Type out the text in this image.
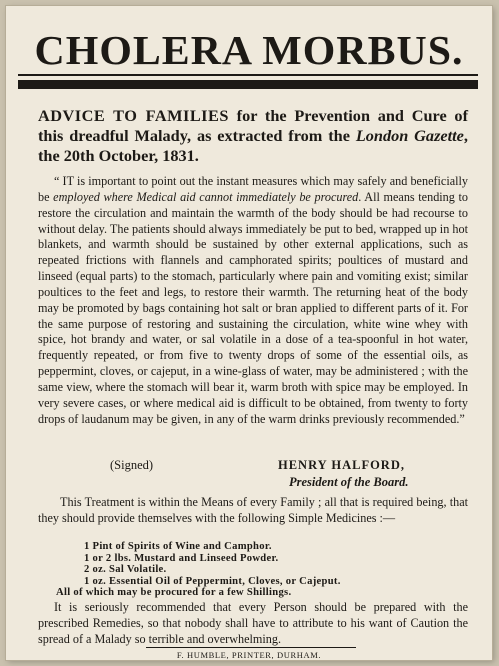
CHOLERA MORBUS.
ADVICE TO FAMILIES for the Prevention and Cure of this dreadful Malady, as extracted from the London Gazette, the 20th October, 1831.

“ IT is important to point out the instant measures which may safely and beneficially be employed where Medical aid cannot immediately be procured. All means tending to restore the circulation and maintain the warmth of the body should be had recourse to without delay. The patients should always immediately be put to bed, wrapped up in hot blankets, and warmth should be sustained by other external applications, such as repeated frictions with flannels and camphorated spirits; poultices of mustard and linseed (equal parts) to the stomach, particularly where pain and vomiting exist; similar poultices to the feet and legs, to restore their warmth. The returning heat of the body may be promoted by bags containing hot salt or bran applied to different parts of it. For the same purpose of restoring and sustaining the circulation, white wine whey with spice, hot brandy and water, or sal volatile in a dose of a tea-spoonful in hot water, frequently repeated, or from five to twenty drops of some of the essential oils, as peppermint, cloves, or cajeput, in a wine-glass of water, may be administered ; with the same view, where the stomach will bear it, warm broth with spice may be employed. In very severe cases, or where medical aid is difficult to be obtained, from twenty to forty drops of laudanum may be given, in any of the warm drinks previously recommended.”

(Signed)	HENRY HALFORD,
President of the Board.
This Treatment is within the Means of every Family ; all that is required being, that they should provide themselves with the following Simple Medicines :—
1 Pint of Spirits of Wine and Camphor.
1 or 2 lbs. Mustard and Linseed Powder.
2 oz. Sal Volatile.
1 oz. Essential Oil of Peppermint, Cloves, or Cajeput.
All of which may be procured for a few Shillings.
It is seriously recommended that every Person should be prepared with the prescribed Remedies, so that nobody shall have to attribute to his want of Caution the spread of a Malady so terrible and overwhelming.
F. HUMBLE, PRINTER, DURHAM.
